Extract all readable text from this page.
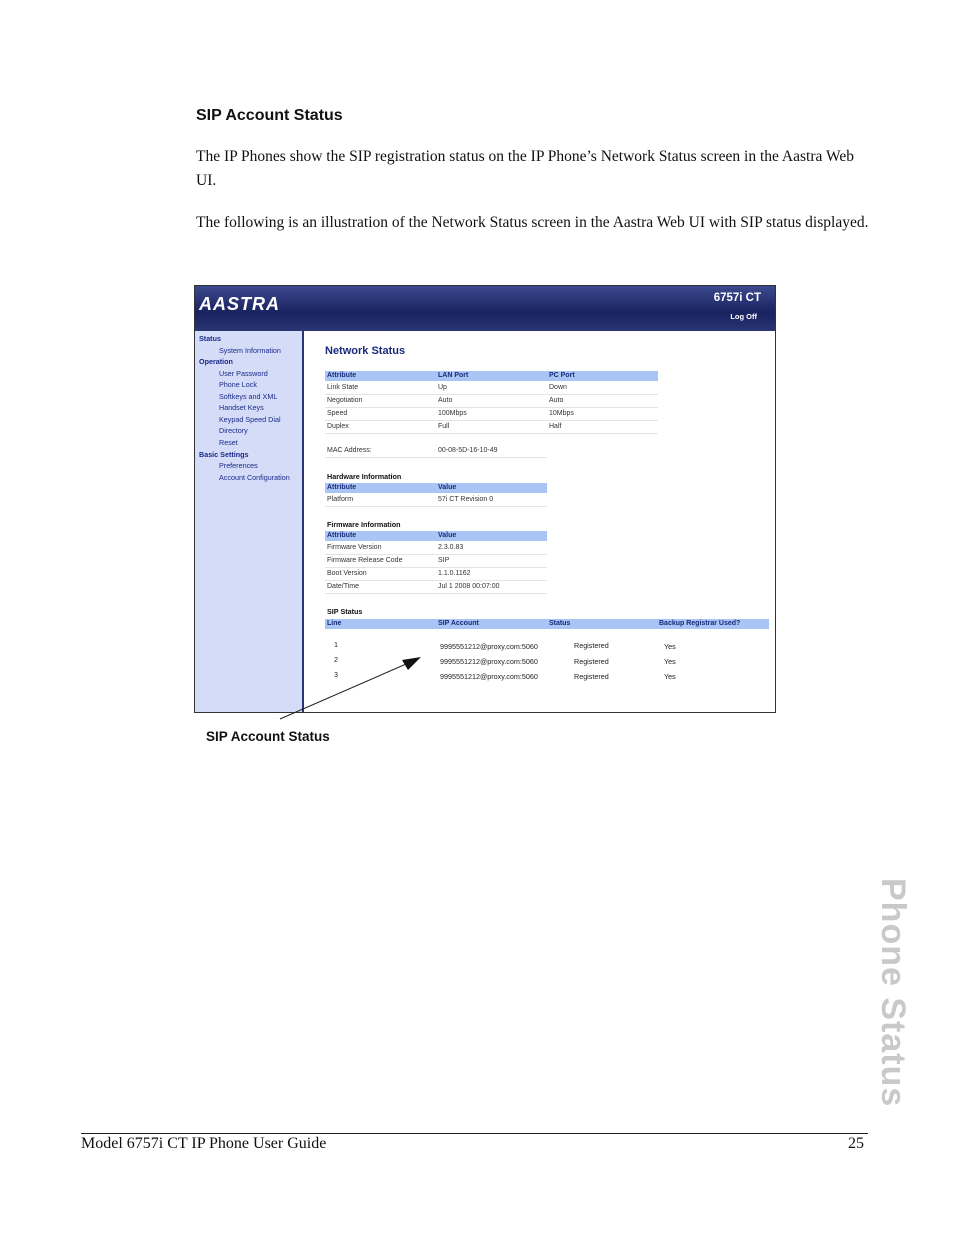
SIP Account Status
The IP Phones show the SIP registration status on the IP Phone’s Network Status screen in the Aastra Web UI.
The following is an illustration of the Network Status screen in the Aastra Web UI with SIP status displayed.
AASTRA	6757i CT
Log Off
Status
System Information
Operation
User Password
Phone Lock
Softkeys and XML
Handset Keys
Keypad Speed Dial
Directory
Reset
Basic Settings
Preferences
Account Configuration
Network Status
Attribute	LAN Port	PC Port
Link State	Up	Down
Negotiation	Auto	Auto
Speed	100Mbps	10Mbps
Duplex	Full	Half
MAC Address:	00-08-5D-16-10-49
Hardware Information
Attribute	Value
Platform	57i CT Revision 0
Firmware Information
Attribute	Value
Firmware Version	2.3.0.83
Firmware Release Code	SIP
Boot Version	1.1.0.1162
Date/Time	Jul 1 2008 00:07:00
SIP Status
Line	SIP Account	Status	Backup Registrar Used?
1	9995551212@proxy.com:5060	Registered	Yes
2	9995551212@proxy.com:5060	Registered	Yes
3	9995551212@proxy.com:5060	Registered	Yes
SIP Account Status
Phone Status
Model 6757i CT IP Phone User Guide	25
